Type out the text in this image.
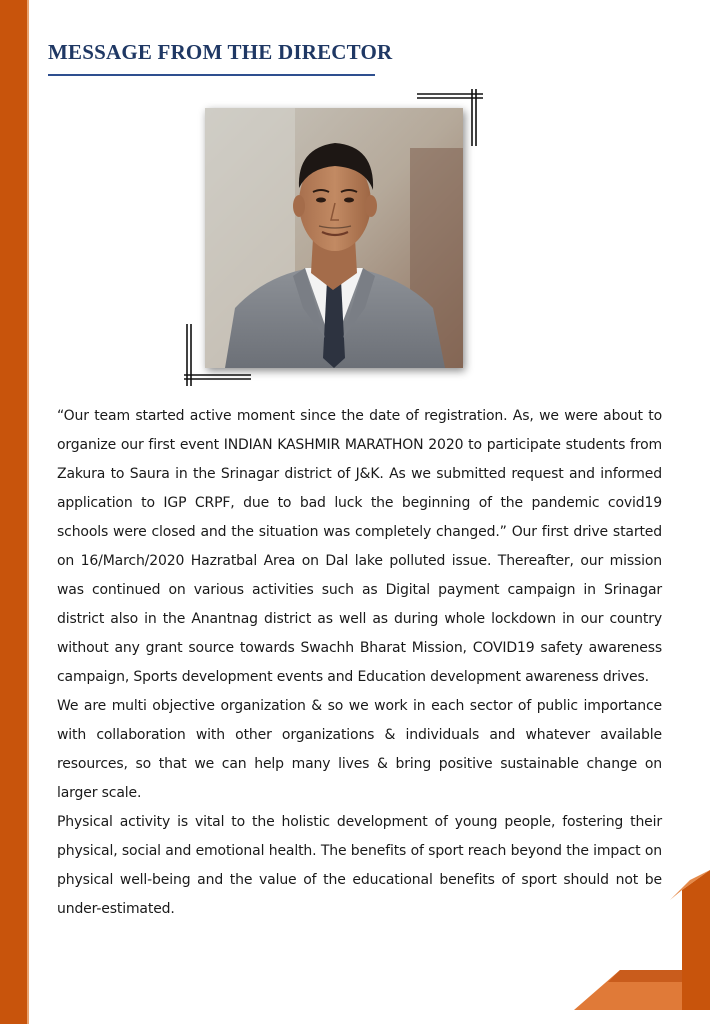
MESSAGE FROM THE DIRECTOR

“Our team started active moment since the date of registration. As, we were about to organize our first event INDIAN KASHMIR MARATHON 2020 to participate students from Zakura to Saura in the Srinagar district of J&K. As we submitted request and informed application to IGP CRPF, due to bad luck the beginning of the pandemic covid19 schools were closed and the situation was completely changed.” Our first drive started on 16/March/2020 Hazratbal Area on Dal lake polluted issue. Thereafter, our mission was continued on various activities such as Digital payment campaign in Srinagar district also in the Anantnag district as well as during whole lockdown in our country without any grant source towards Swachh Bharat Mission, COVID19 safety awareness campaign, Sports development events and Education development awareness drives.

We are multi objective organization & so we work in each sector of public importance with collaboration with other organizations & individuals and whatever available resources, so that we can help many lives & bring positive sustainable change on larger scale.

Physical activity is vital to the holistic development of young people, fostering their physical, social and emotional health. The benefits of sport reach beyond the impact on physical well-being and the value of the educational benefits of sport should not be under-estimated.
